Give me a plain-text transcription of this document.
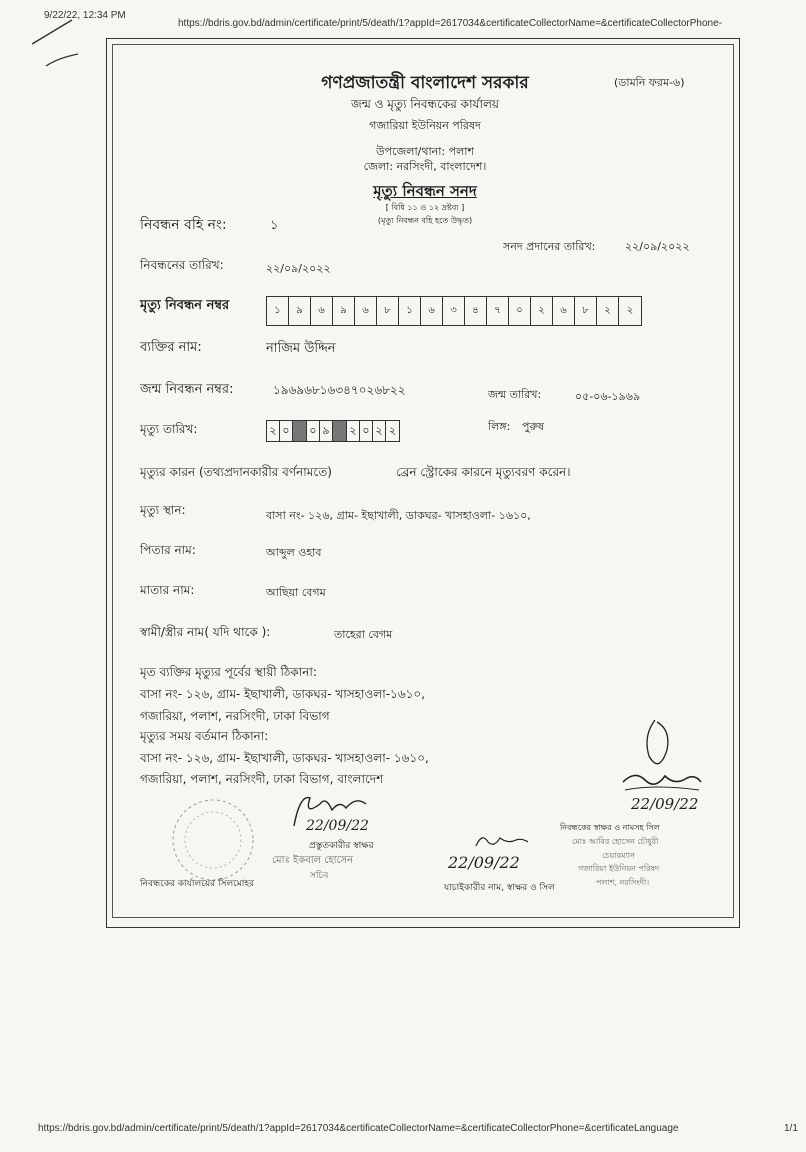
9/22/22, 12:34 PM
https://bdris.gov.bd/admin/certificate/print/5/death/1?appId=2617034&certificateCollectorName=&certificateCollectorPhone-
গণপ্রজাতন্ত্রী বাংলাদেশ সরকার	(ডামনি ফরম-৬)
জন্ম ও মৃত্যু নিবন্ধকের কার্যালয়
গজারিয়া ইউনিয়ন পরিষদ
উপজেলা/থানা: পলাশ
জেলা: নরসিংদী, বাংলাদেশ।
মৃত্যু নিবন্ধন সনদ
[ বিধি ১১ ও ১২ দ্রষ্টব্য ]
(মৃত্যু নিবন্ধন বহি হতে উদ্ধৃত)
নিবন্ধন বহি নং:	১
সনদ প্রদানের তারিখ:	২২/০৯/২০২২
নিবন্ধনের তারিখ:	২২/০৯/২০২২
মৃত্যু নিবন্ধন নম্বর	১	৯	৬	৯	৬	৮	১	৬	৩	৪	৭	০	২	৬	৮	২	২
ব্যক্তির নাম:	নাজিম উদ্দিন
জন্ম নিবন্ধন নম্বর:	১৯৬৯৬৮১৬৩৪৭০২৬৮২২	জন্ম তারিখ:	০৫-০৬-১৯৬৯
মৃত্যু তারিখ:	২ ০	০ ৯	২ ০ ২ ২	লিঙ্গ: পুরুষ
মৃত্যুর কারন (তথ্যপ্রদানকারীর বর্ণনামতে)	ব্রেন স্ট্রোকের কারনে মৃত্যুবরণ করেন।
মৃত্যু স্থান:	বাসা নং- ১২৬, গ্রাম- ইছাখালী, ডাকঘর- খাসহাওলা- ১৬১০,
পিতার নাম:	আব্দুল ওহাব
মাতার নাম:	আছিয়া বেগম
স্বামী/স্ত্রীর নাম( যদি থাকে ):	তাহেরা বেগম
মৃত ব্যক্তির মৃত্যুর পূর্বের স্থায়ী ঠিকানা:
বাসা নং- ১২৬, গ্রাম- ইছাখালী, ডাকঘর- খাসহাওলা-১৬১০,
গজারিয়া, পলাশ, নরসিংদী, ঢাকা বিভাগ
মৃত্যুর সময় বর্তমান ঠিকানা:
বাসা নং- ১২৬, গ্রাম- ইছাখালী, ডাকঘর- খাসহাওলা- ১৬১০,
গজারিয়া, পলাশ, নরসিংদী, ঢাকা বিভাগ, বাংলাদেশ
22/09/22
প্রস্তুতকারীর স্বাক্ষর
মোঃ ইকবাল হোসেন
সচিব
নিবন্ধকের কার্যালয়ের সিলমোহর
22/09/22
যাচাইকারীর নাম, স্বাক্ষর ও সিল
22/09/22
নিবন্ধকের স্বাক্ষর ও নামসহ সিল
মোঃ আবির হোসেন চৌধুরী
চেয়ারম্যান
গজারিয়া ইউনিয়ন পরিষদ
পলাশ, নরসিংদী।
https://bdris.gov.bd/admin/certificate/print/5/death/1?appId=2617034&certificateCollectorName=&certificateCollectorPhone=&certificateLanguage	1/1
